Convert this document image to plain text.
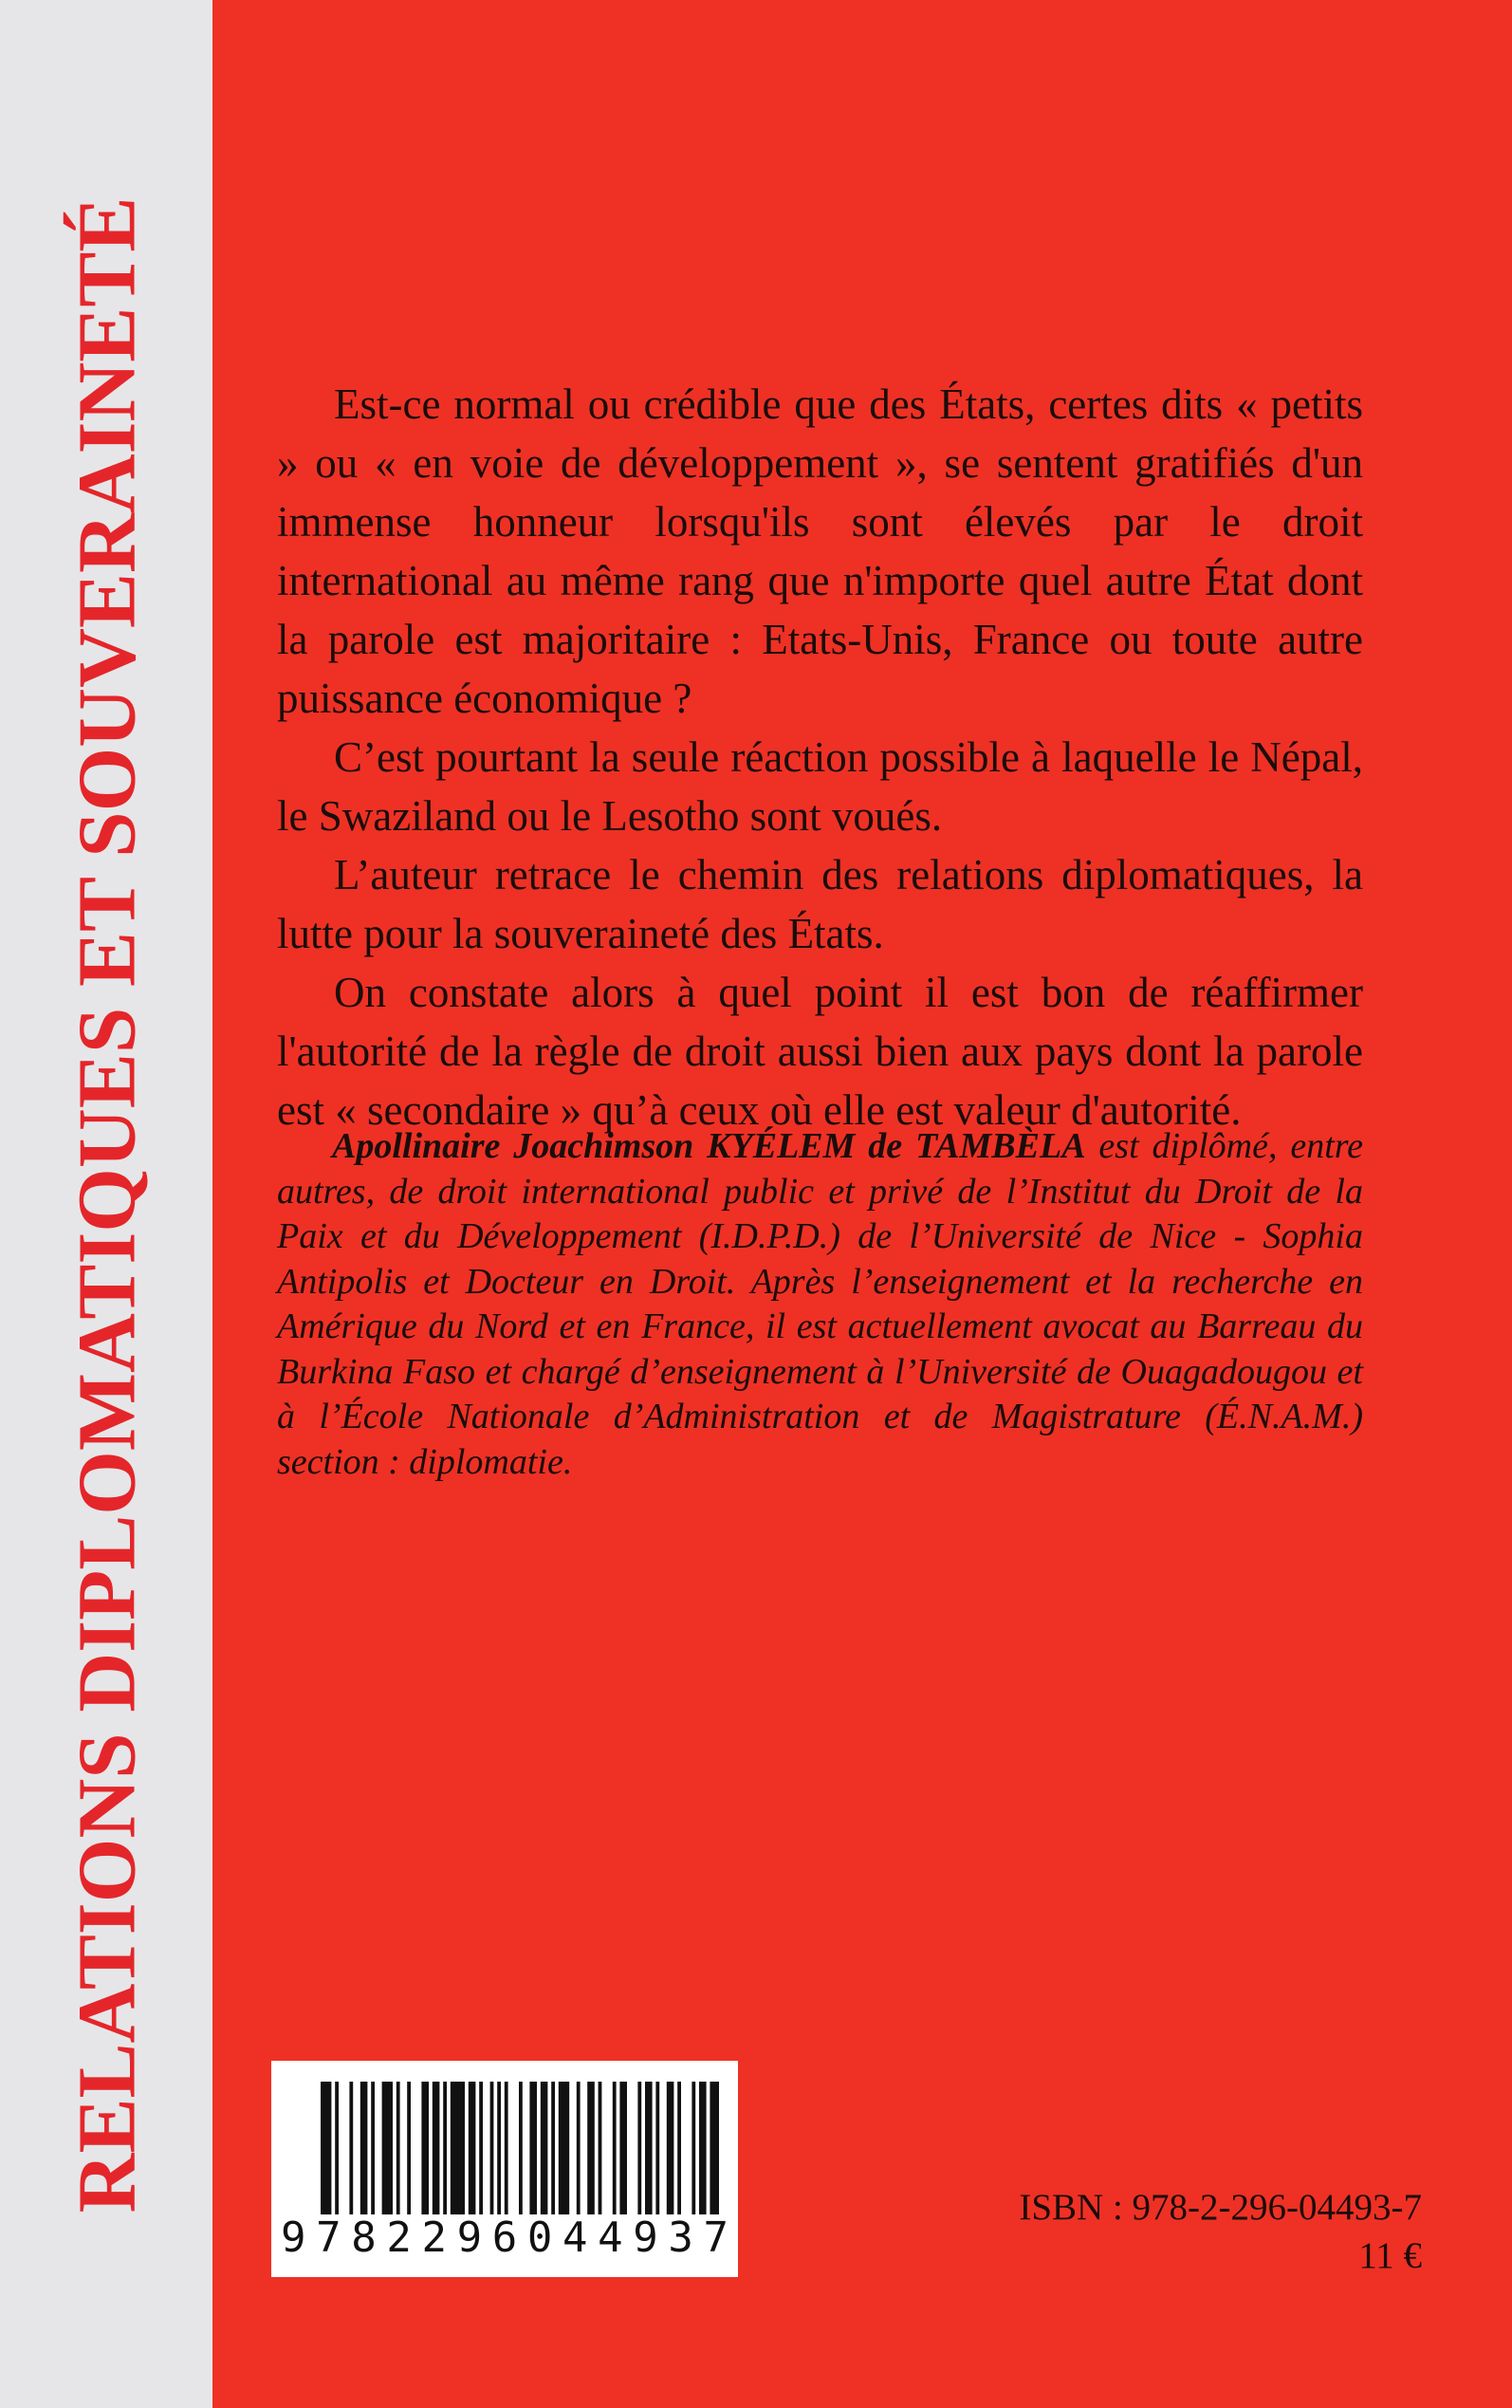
RELATIONS DIPLOMATIQUES ET SOUVERAINETÉ	Est-ce normal ou crédible que des États, certes dits « petits » ou « en voie de développement », se sentent gratifiés d'un immense honneur lorsqu'ils sont élevés par le droit international au même rang que n'importe quel autre État dont la parole est majoritaire : Etats-Unis, France ou toute autre puissance économique ?

C’est pourtant la seule réaction possible à laquelle le Népal, le Swaziland ou le Lesotho sont voués.

L’auteur retrace le chemin des relations diplomatiques, la lutte pour la souveraineté des États.

On constate alors à quel point il est bon de réaffirmer l'autorité de la règle de droit aussi bien aux pays dont la parole est « secondaire » qu’à ceux où elle est valeur d'autorité.

Apollinaire Joachimson KYÉLEM de TAMBÈLA est diplômé, entre autres, de droit international public et privé de l’Institut du Droit de la Paix et du Développement (I.D.P.D.) de l’Université de Nice - Sophia Antipolis et Docteur en Droit. Après l’enseignement et la recherche en Amérique du Nord et en France, il est actuellement avocat au Barreau du Burkina Faso et chargé d’enseignement à l’Université de Ouagadougou et à l’École Nationale d’Administration et de Magistrature (É.N.A.M.) section : diplomatie.

9 7 8 2 2 9 6 0 4 4 9 3 7
ISBN : 978-2-296-04493-7
11 €
